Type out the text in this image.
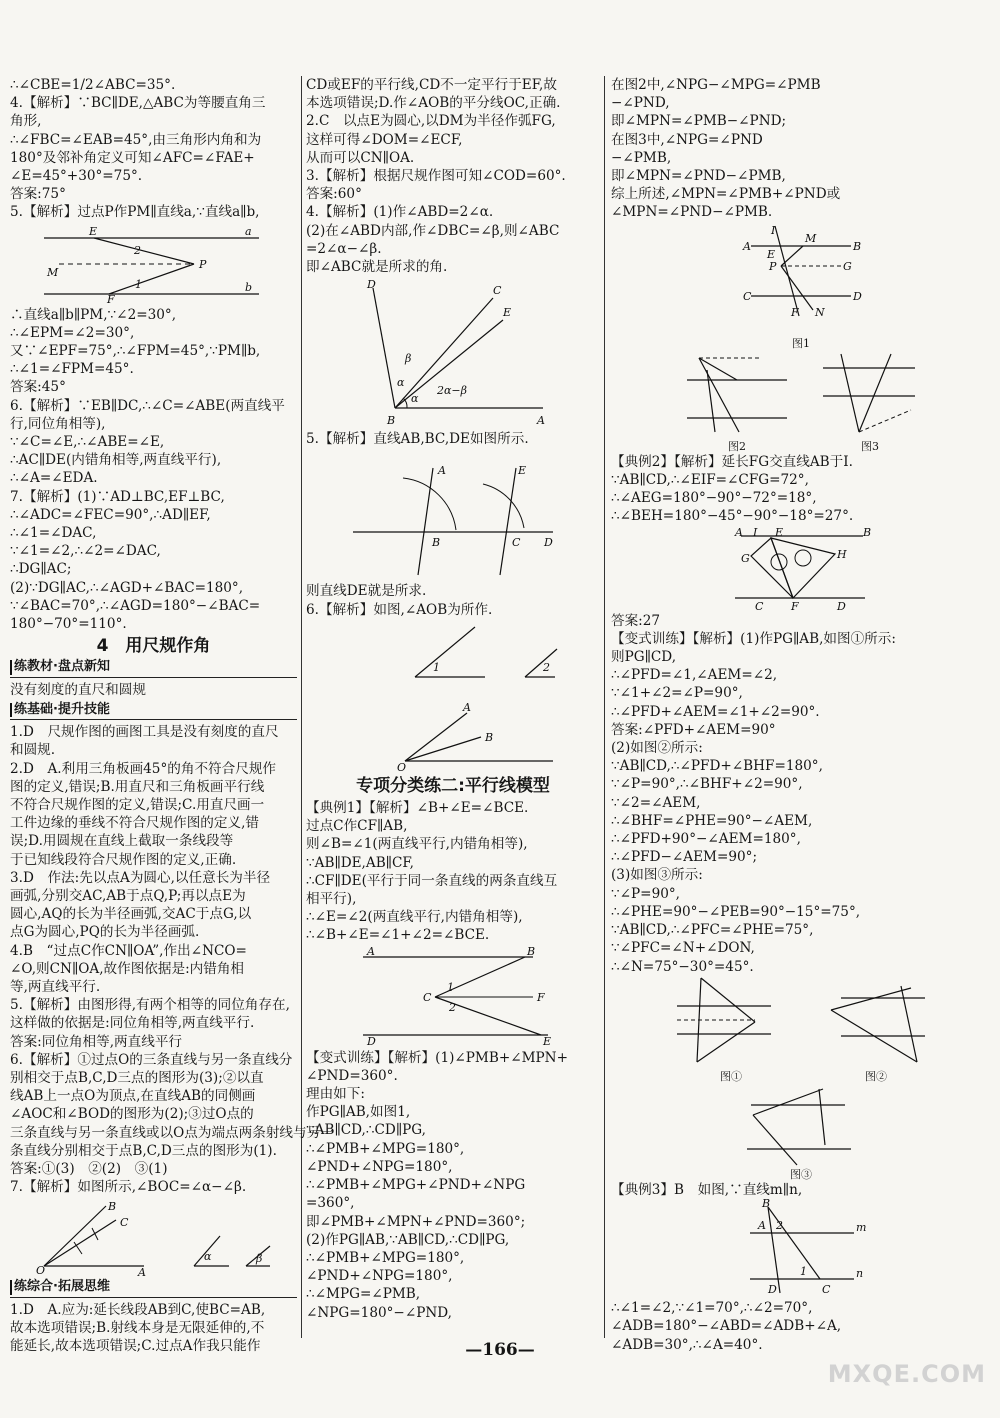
∴∠CBE=1/2∠ABC=35°.
4.【解析】∵BC∥DE,△ABC为等腰直角三
角形,
∴∠FBC=∠EAB=45°,由三角形内角和为
180°及邻补角定义可知∠AFC=∠FAE+
∠E=45°+30°=75°.
答案:75°
5.【解析】过点P作PM∥直线a,∵直线a∥b,
E
2
a
M
P
1
F
b
∴直线a∥b∥PM,∵∠2=30°,
∴∠EPM=∠2=30°,
又∵∠EPF=75°,∴∠FPM=45°,∵PM∥b,
∴∠1=∠FPM=45°.
答案:45°
6.【解析】∵EB∥DC,∴∠C=∠ABE(两直线平
行,同位角相等),
∵∠C=∠E,∴∠ABE=∠E,
∴AC∥DE(内错角相等,两直线平行),
∴∠A=∠EDA.
7.【解析】(1)∵AD⊥BC,EF⊥BC,
∴∠ADC=∠FEC=90°,∴AD∥EF,
∴∠1=∠DAC,
∵∠1=∠2,∴∠2=∠DAC,
∴DG∥AC;
(2)∵DG∥AC,∴∠AGD+∠BAC=180°,
∵∠BAC=70°,∴∠AGD=180°−∠BAC=
180°−70°=110°.
4　用尺规作角
练教材·盘点新知
没有刻度的直尺和圆规
练基础·提升技能
1.D　尺规作图的画图工具是没有刻度的直尺
和圆规.
2.D　A.利用三角板画45°的角不符合尺规作
图的定义,错误;B.用直尺和三角板画平行线
不符合尺规作图的定义,错误;C.用直尺画一
工件边缘的垂线不符合尺规作图的定义,错
误;D.用圆规在直线上截取一条线段等
于已知线段符合尺规作图的定义,正确.
3.D　作法:先以点A为圆心,以任意长为半径
画弧,分别交AC,AB于点Q,P;再以点E为
圆心,AQ的长为半径画弧,交AC于点G,以
点G为圆心,PQ的长为半径画弧.
4.B　“过点C作CN∥OA”,作出∠NCO=
∠O,则CN∥OA,故作图依据是:内错角相
等,两直线平行.
5.【解析】由图形得,有两个相等的同位角存在,
这样做的依据是:同位角相等,两直线平行.
答案:同位角相等,两直线平行
6.【解析】①过点O的三条直线与另一条直线分
别相交于点B,C,D三点的图形为(3);②以直
线AB上一点O为顶点,在直线AB的同侧画
∠AOC和∠BOD的图形为(2);③过O点的
三条直线与另一条直线或以O点为端点两条射线与另一
条直线分别相交于点B,C,D三点的图形为(1).
答案:①(3)　②(2)　③(1)
7.【解析】如图所示,∠BOC=∠α−∠β.
B
C
O	A
α	β
练综合·拓展思维
1.D　A.应为:延长线段AB到C,使BC=AB,
故本选项错误;B.射线本身是无限延伸的,不
能延长,故本选项错误;C.过点A作我只能作
CD或EF的平行线,CD不一定平行于EF,故
本选项错误;D.作∠AOB的平分线OC,正确.
2.C　以点E为圆心,以DM为半径作弧FG,
这样可得∠DOM=∠ECF,
从而可以CN∥OA.
3.【解析】根据尺规作图可知∠COD=60°.
答案:60°
4.【解析】(1)作∠ABD=2∠α.
(2)在∠ABD内部,作∠DBC=∠β,则∠ABC
=2∠α−∠β.
即∠ABC就是所求的角.
D	C
E
β
α
α
2α−β
B	A
5.【解析】直线AB,BC,DE如图所示.
A	E
B	C D
则直线DE就是所求.
6.【解析】如图,∠AOB为所作.
1	2
A
B
O
专项分类练二:平行线模型
【典例1】【解析】∠B+∠E=∠BCE.
过点C作CF∥AB,
则∠B=∠1(两直线平行,内错角相等),
∵AB∥DE,AB∥CF,
∴CF∥DE(平行于同一条直线的两条直线互
相平行),
∴∠E=∠2(两直线平行,内错角相等),
∴∠B+∠E=∠1+∠2=∠BCE.
A	B
C
1
2
F
D	E
【变式训练】【解析】(1)∠PMB+∠MPN+
∠PND=360°.
理由如下:
作PG∥AB,如图1,
∵AB∥CD,∴CD∥PG,
∴∠PMB+∠MPG=180°,
∠PND+∠NPG=180°,
∴∠PMB+∠MPG+∠PND+∠NPG
=360°,
即∠PMB+∠MPN+∠PND=360°;
(2)作PG∥AB,∵AB∥CD,∴CD∥PG,
∴∠PMB+∠MPG=180°,
∠PND+∠NPG=180°,
∴∠MPG=∠PMB,
∠NPG=180°−∠PND,
在图2中,∠NPG−∠MPG=∠PMB
−∠PND,
即∠MPN=∠PMB−∠PND;
在图3中,∠NPG=∠PND
−∠PMB,
即∠MPN=∠PND−∠PMB,
综上所述,∠MPN=∠PMB+∠PND或
∠MPN=∠PND−∠PMB.
A	B
C	D
M
N
P	G
F
I
E
图1
图2	图3
【典例2】【解析】延长FG交直线AB于I.
∵AB∥CD,∴∠EIF=∠CFG=72°,
∴∠AEG=180°−90°−72°=18°,
∴∠BEH=180°−45°−90°−18°=27°.
A I E	B
G	H
C	F	D
答案:27
【变式训练】【解析】(1)作PG∥AB,如图①所示:
则PG∥CD,
∴∠PFD=∠1,∠AEM=∠2,
∵∠1+∠2=∠P=90°,
∴∠PFD+∠AEM=∠1+∠2=90°.
答案:∠PFD+∠AEM=90°
(2)如图②所示:
∵AB∥CD,∴∠PFD+∠BHF=180°,
∵∠P=90°,∴∠BHF+∠2=90°,
∵∠2=∠AEM,
∴∠BHF=∠PHE=90°−∠AEM,
∴∠PFD+90°−∠AEM=180°,
∴∠PFD−∠AEM=90°;
(3)如图③所示:
∵∠P=90°,
∴∠PHE=90°−∠PEB=90°−15°=75°,
∵AB∥CD,∴∠PFC=∠PHE=75°,
∵∠PFC=∠N+∠DON,
∴∠N=75°−30°=45°.
图①	图②
图③
【典例3】B　如图,∵直线m∥n,
B
A 2	m
1	n
D	C
∴∠1=∠2,∵∠1=70°,∴∠2=70°,
∠ADB=180°−∠ABD=∠ADB+∠A,
∠ADB=30°,∴∠A=40°.
—166—
MXQE.COM
